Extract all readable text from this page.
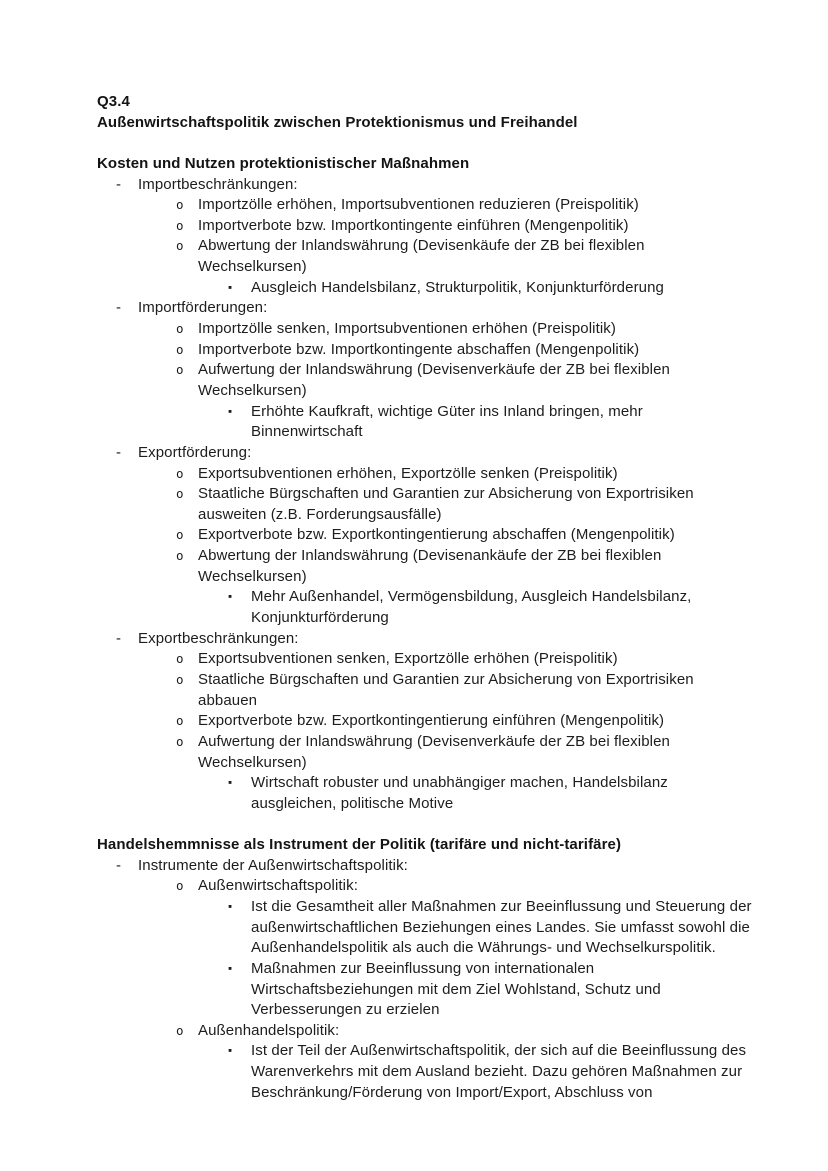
Q3.4
Außenwirtschaftspolitik zwischen Protektionismus und Freihandel
Kosten und Nutzen protektionistischer Maßnahmen
- Importbeschränkungen:
o Importzölle erhöhen, Importsubventionen reduzieren (Preispolitik)
o Importverbote bzw. Importkontingente einführen (Mengenpolitik)
o Abwertung der Inlandswährung (Devisenkäufe der ZB bei flexiblen
Wechselkursen)
▪ Ausgleich Handelsbilanz, Strukturpolitik, Konjunkturförderung
- Importförderungen:
o Importzölle senken, Importsubventionen erhöhen (Preispolitik)
o Importverbote bzw. Importkontingente abschaffen (Mengenpolitik)
o Aufwertung der Inlandswährung (Devisenverkäufe der ZB bei flexiblen
Wechselkursen)
▪ Erhöhte Kaufkraft, wichtige Güter ins Inland bringen, mehr
Binnenwirtschaft
- Exportförderung:
o Exportsubventionen erhöhen, Exportzölle senken (Preispolitik)
o Staatliche Bürgschaften und Garantien zur Absicherung von Exportrisiken
ausweiten (z.B. Forderungsausfälle)
o Exportverbote bzw. Exportkontingentierung abschaffen (Mengenpolitik)
o Abwertung der Inlandswährung (Devisenankäufe der ZB bei flexiblen
Wechselkursen)
▪ Mehr Außenhandel, Vermögensbildung, Ausgleich Handelsbilanz,
Konjunkturförderung
- Exportbeschränkungen:
o Exportsubventionen senken, Exportzölle erhöhen (Preispolitik)
o Staatliche Bürgschaften und Garantien zur Absicherung von Exportrisiken
abbauen
o Exportverbote bzw. Exportkontingentierung einführen (Mengenpolitik)
o Aufwertung der Inlandswährung (Devisenverkäufe der ZB bei flexiblen
Wechselkursen)
▪ Wirtschaft robuster und unabhängiger machen, Handelsbilanz
ausgleichen, politische Motive
Handelshemmnisse als Instrument der Politik (tarifäre und nicht-tarifäre)
- Instrumente der Außenwirtschaftspolitik:
o Außenwirtschaftspolitik:
▪ Ist die Gesamtheit aller Maßnahmen zur Beeinflussung und Steuerung der
außenwirtschaftlichen Beziehungen eines Landes. Sie umfasst sowohl die
Außenhandelspolitik als auch die Währungs- und Wechselkurspolitik.
▪ Maßnahmen zur Beeinflussung von internationalen
Wirtschaftsbeziehungen mit dem Ziel Wohlstand, Schutz und
Verbesserungen zu erzielen
o Außenhandelspolitik:
▪ Ist der Teil der Außenwirtschaftspolitik, der sich auf die Beeinflussung des
Warenverkehrs mit dem Ausland bezieht. Dazu gehören Maßnahmen zur
Beschränkung/Förderung von Import/Export, Abschluss von
